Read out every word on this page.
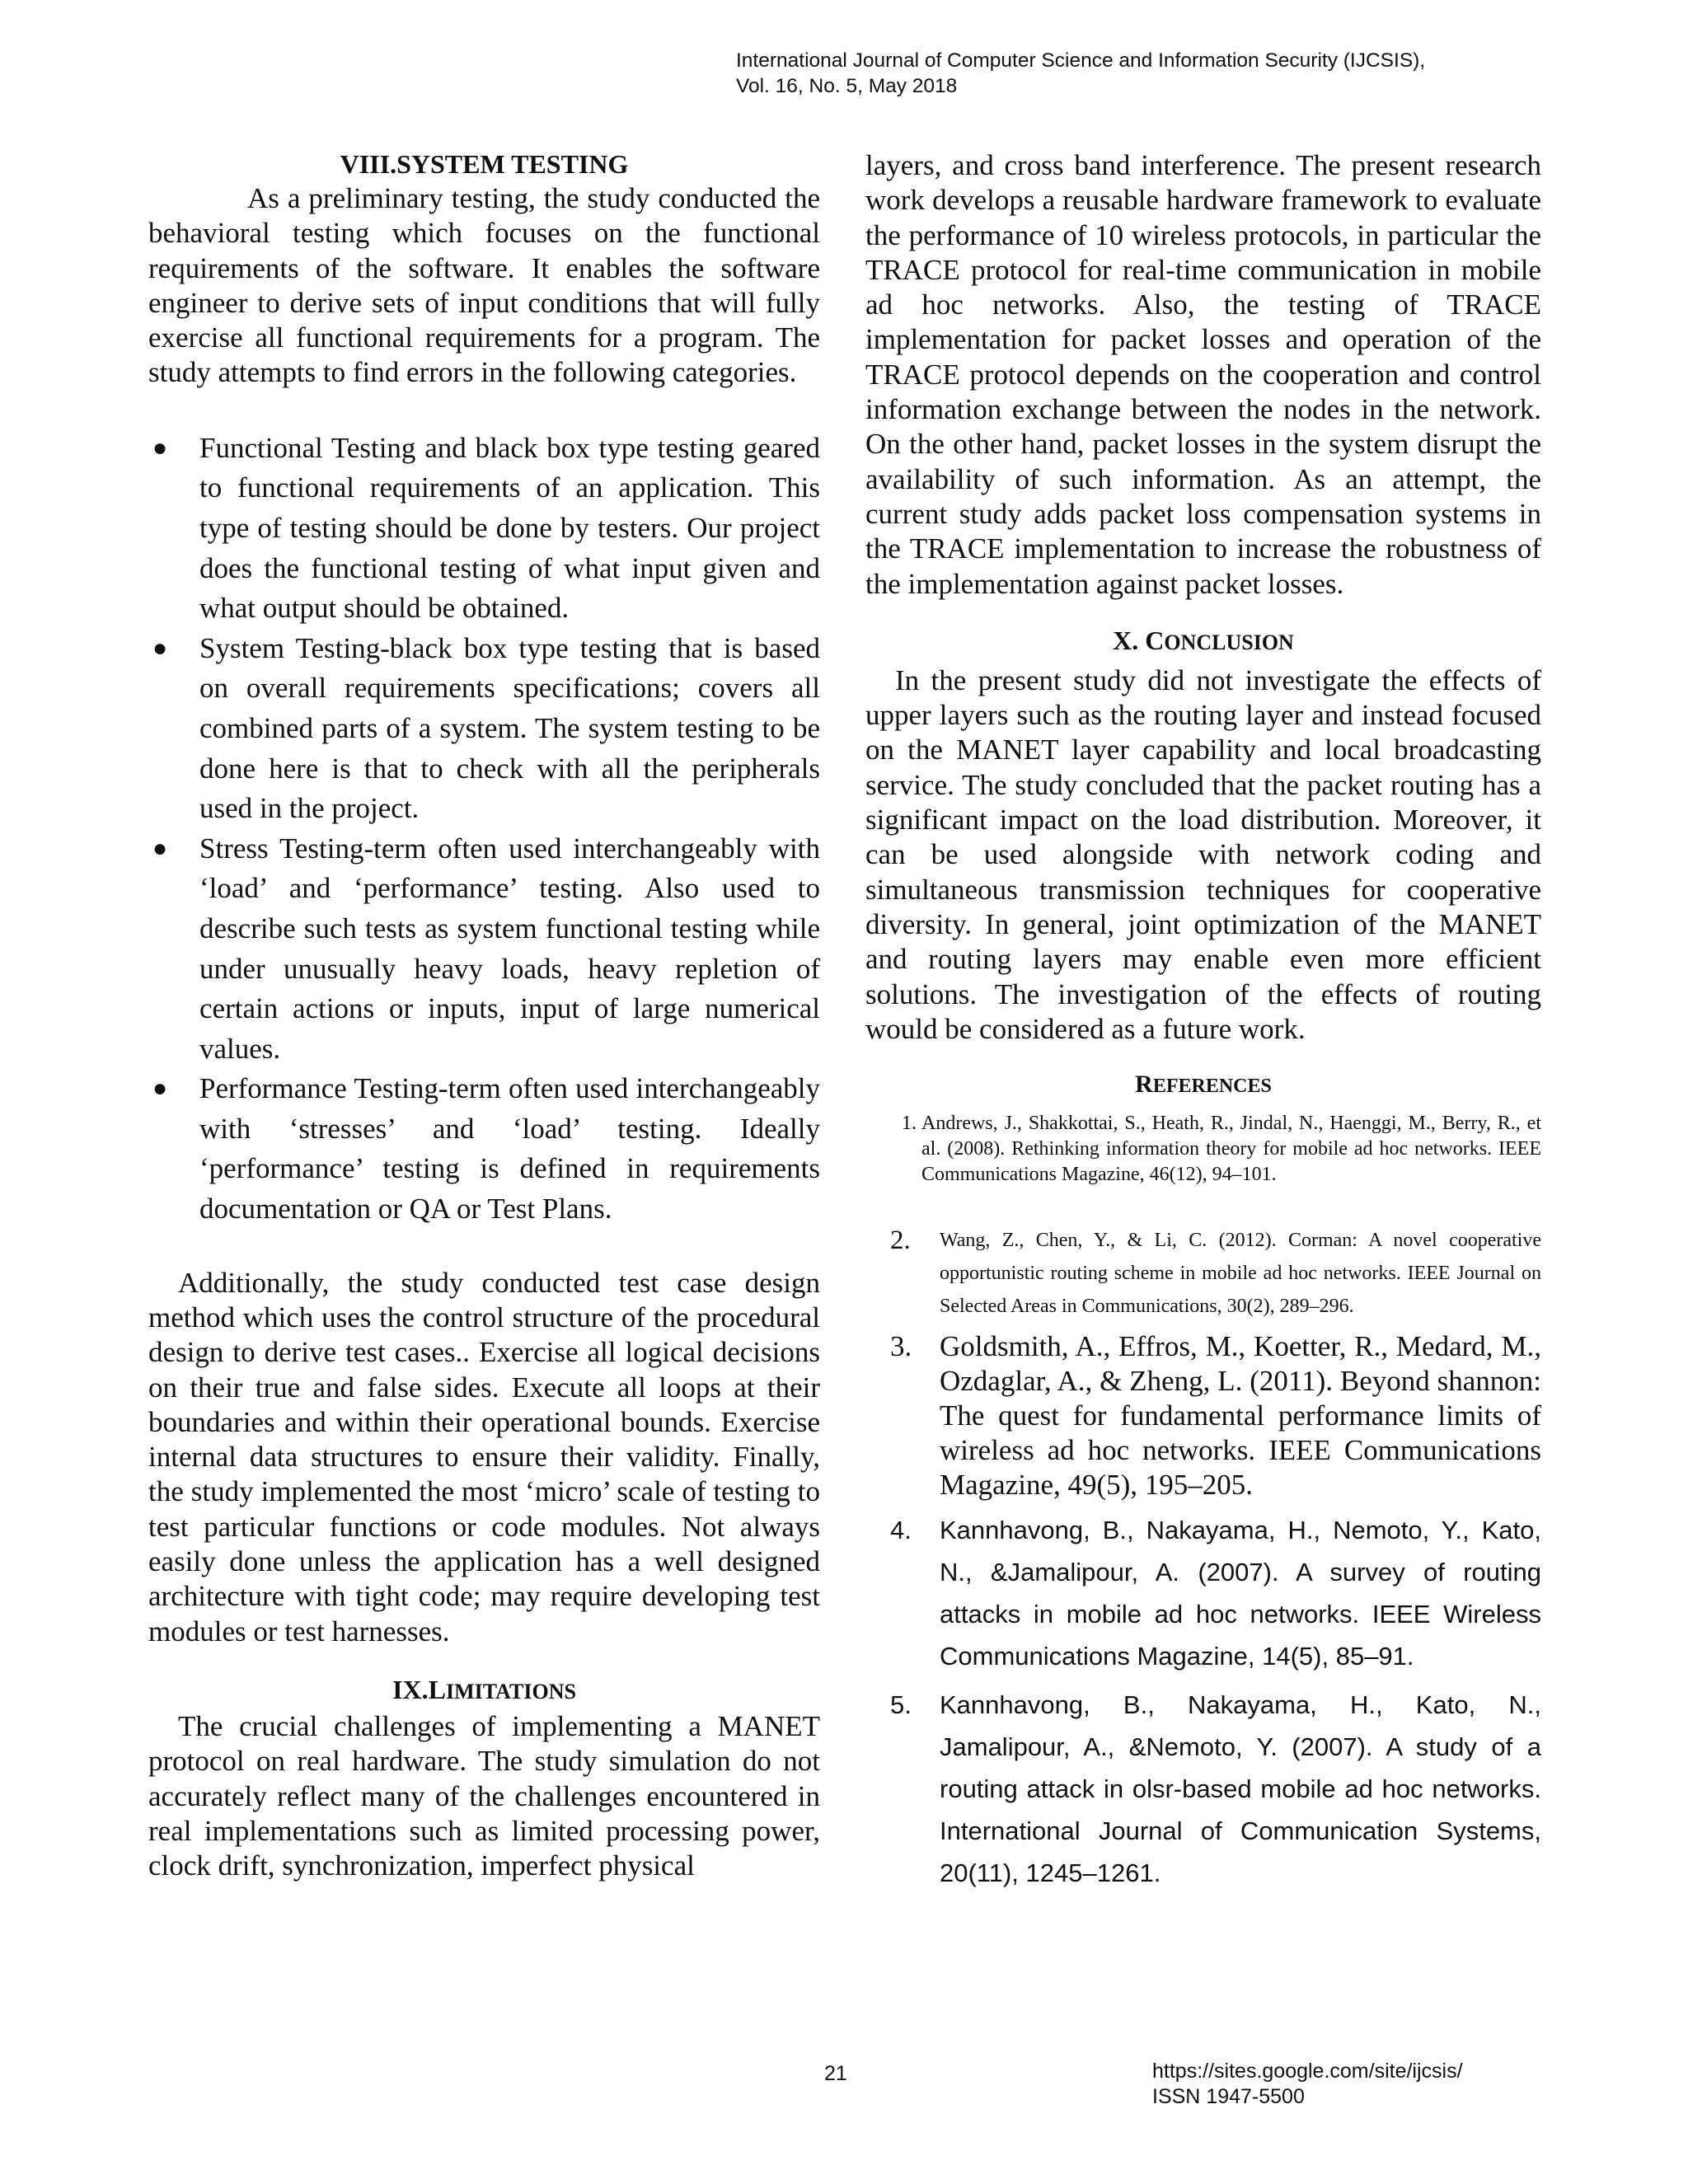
International Journal of Computer Science and Information Security (IJCSIS),
Vol. 16, No. 5, May 2018
VIII.SYSTEM TESTING

As a preliminary testing, the study conducted the behavioral testing which focuses on the functional requirements of the software. It enables the software engineer to derive sets of input conditions that will fully exercise all functional requirements for a program. The study attempts to find errors in the following categories.

● Functional Testing and black box type testing geared to functional requirements of an application. This type of testing should be done by testers. Our project does the functional testing of what input given and what output should be obtained.
● System Testing-black box type testing that is based on overall requirements specifications; covers all combined parts of a system. The system testing to be done here is that to check with all the peripherals used in the project.
● Stress Testing-term often used interchangeably with ‘load’ and ‘performance’ testing. Also used to describe such tests as system functional testing while under unusually heavy loads, heavy repletion of certain actions or inputs, input of large numerical values.
● Performance Testing-term often used interchangeably with ‘stresses’ and ‘load’ testing. Ideally ‘performance’ testing is defined in requirements documentation or QA or Test Plans.

Additionally, the study conducted test case design method which uses the control structure of the procedural design to derive test cases.. Exercise all logical decisions on their true and false sides. Execute all loops at their boundaries and within their operational bounds. Exercise internal data structures to ensure their validity. Finally, the study implemented the most ‘micro’ scale of testing to test particular functions or code modules. Not always easily done unless the application has a well designed architecture with tight code; may require developing test modules or test harnesses.

IX.LIMITATIONS

The crucial challenges of implementing a MANET protocol on real hardware. The study simulation do not accurately reflect many of the challenges encountered in real implementations such as limited processing power, clock drift, synchronization, imperfect physical

layers, and cross band interference. The present research work develops a reusable hardware framework to evaluate the performance of 10 wireless protocols, in particular the TRACE protocol for real-time communication in mobile ad hoc networks. Also, the testing of TRACE implementation for packet losses and operation of the TRACE protocol depends on the cooperation and control information exchange between the nodes in the network. On the other hand, packet losses in the system disrupt the availability of such information. As an attempt, the current study adds packet loss compensation systems in the TRACE implementation to increase the robustness of the implementation against packet losses.

X. CONCLUSION

In the present study did not investigate the effects of upper layers such as the routing layer and instead focused on the MANET layer capability and local broadcasting service. The study concluded that the packet routing has a significant impact on the load distribution. Moreover, it can be used alongside with network coding and simultaneous transmission techniques for cooperative diversity. In general, joint optimization of the MANET and routing layers may enable even more efficient solutions. The investigation of the effects of routing would be considered as a future work.

REFERENCES
1. Andrews, J., Shakkottai, S., Heath, R., Jindal, N., Haenggi, M., Berry, R., et al. (2008). Rethinking information theory for mobile ad hoc networks. IEEE Communications Magazine, 46(12), 94–101.
2. Wang, Z., Chen, Y., & Li, C. (2012). Corman: A novel cooperative opportunistic routing scheme in mobile ad hoc networks. IEEE Journal on Selected Areas in Communications, 30(2), 289–296.
3. Goldsmith, A., Effros, M., Koetter, R., Medard, M., Ozdaglar, A., & Zheng, L. (2011). Beyond shannon: The quest for fundamental performance limits of wireless ad hoc networks. IEEE Communications Magazine, 49(5), 195–205.
4. Kannhavong, B., Nakayama, H., Nemoto, Y., Kato, N., &Jamalipour, A. (2007). A survey of routing attacks in mobile ad hoc networks. IEEE Wireless Communications Magazine, 14(5), 85–91.
5. Kannhavong, B., Nakayama, H., Kato, N., Jamalipour, A., &Nemoto, Y. (2007). A study of a routing attack in olsr-based mobile ad hoc networks. International Journal of Communication Systems, 20(11), 1245–1261.
21	https://sites.google.com/site/ijcsis/
ISSN 1947-5500
